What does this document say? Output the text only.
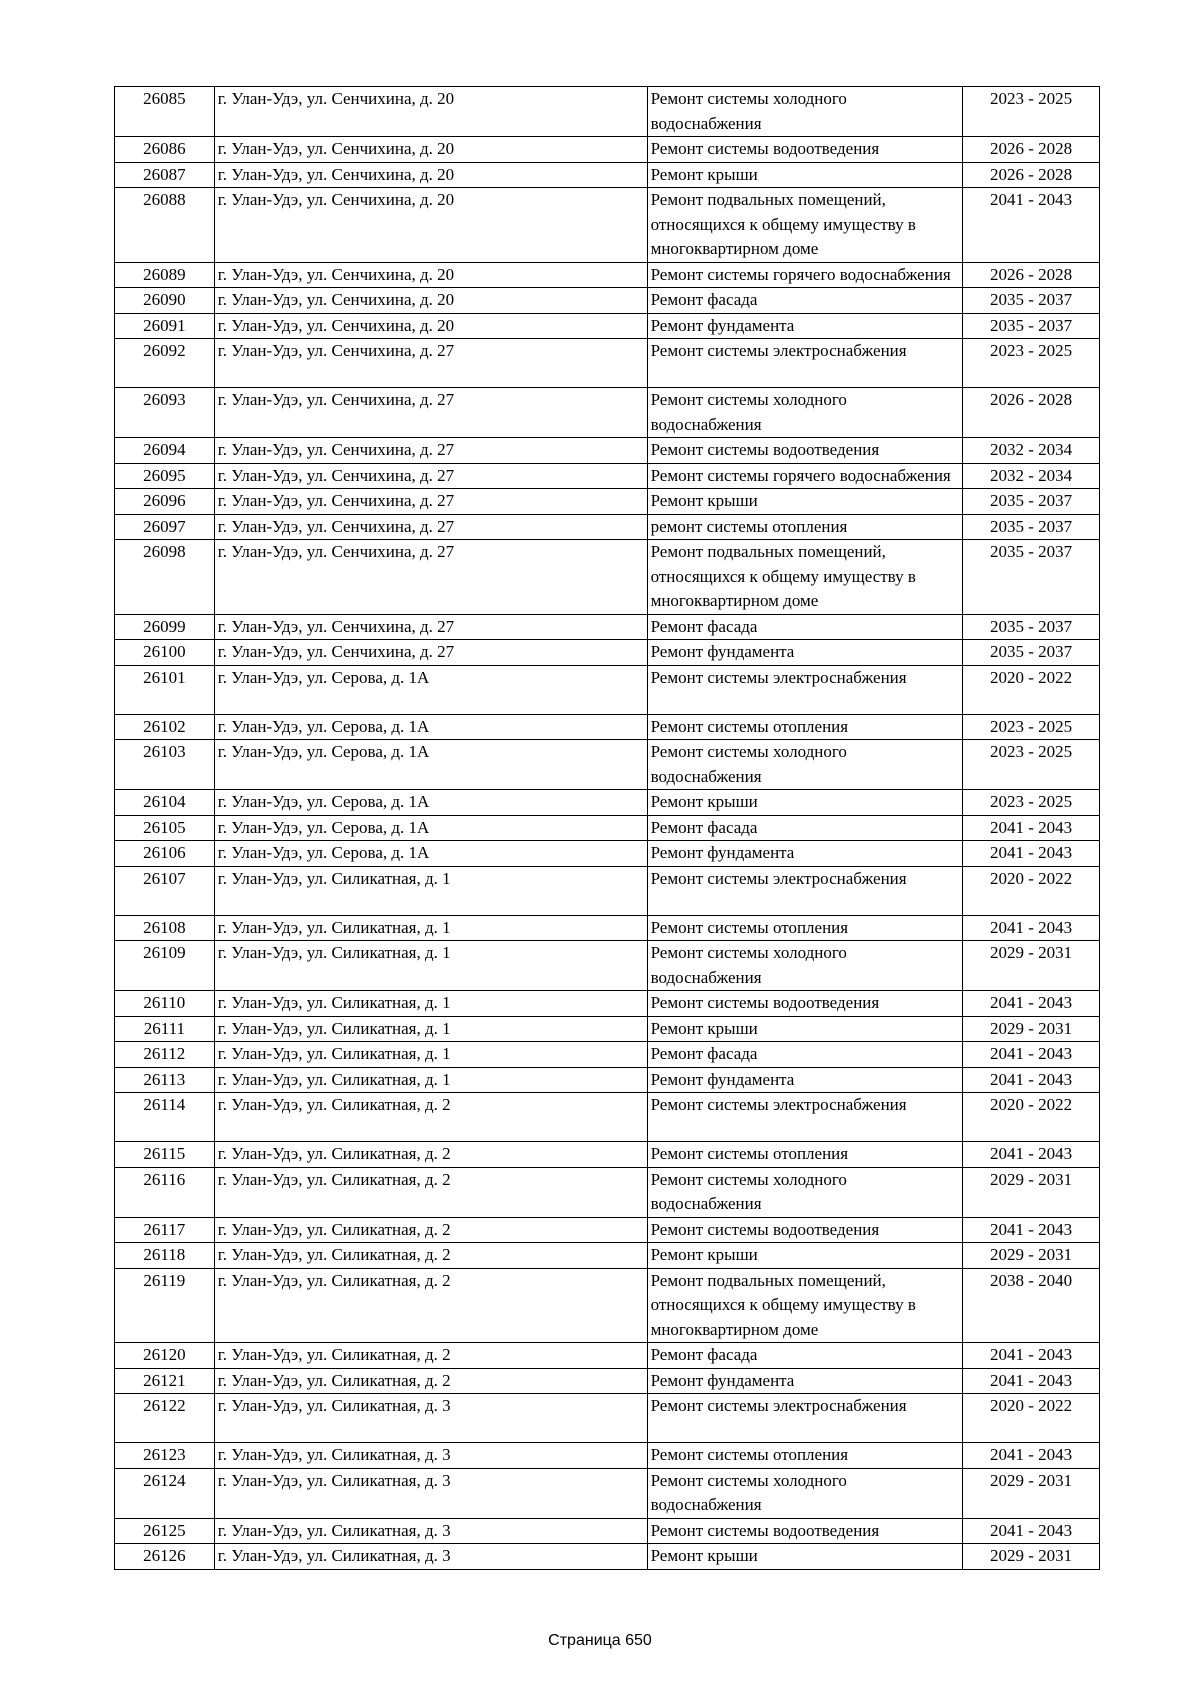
26085	г. Улан-Удэ, ул. Сенчихина, д. 20	Ремонт системы холодного водоснабжения	2023 - 2025
26086	г. Улан-Удэ, ул. Сенчихина, д. 20	Ремонт системы водоотведения	2026 - 2028
26087	г. Улан-Удэ, ул. Сенчихина, д. 20	Ремонт крыши	2026 - 2028
26088	г. Улан-Удэ, ул. Сенчихина, д. 20	Ремонт подвальных помещений, относящихся к общему имуществу в многоквартирном доме	2041 - 2043
26089	г. Улан-Удэ, ул. Сенчихина, д. 20	Ремонт системы горячего водоснабжения	2026 - 2028
26090	г. Улан-Удэ, ул. Сенчихина, д. 20	Ремонт фасада	2035 - 2037
26091	г. Улан-Удэ, ул. Сенчихина, д. 20	Ремонт фундамента	2035 - 2037
26092	г. Улан-Удэ, ул. Сенчихина, д. 27	Ремонт системы электроснабжения	2023 - 2025
26093	г. Улан-Удэ, ул. Сенчихина, д. 27	Ремонт системы холодного водоснабжения	2026 - 2028
26094	г. Улан-Удэ, ул. Сенчихина, д. 27	Ремонт системы водоотведения	2032 - 2034
26095	г. Улан-Удэ, ул. Сенчихина, д. 27	Ремонт системы горячего водоснабжения	2032 - 2034
26096	г. Улан-Удэ, ул. Сенчихина, д. 27	Ремонт крыши	2035 - 2037
26097	г. Улан-Удэ, ул. Сенчихина, д. 27	ремонт системы отопления	2035 - 2037
26098	г. Улан-Удэ, ул. Сенчихина, д. 27	Ремонт подвальных помещений, относящихся к общему имуществу в многоквартирном доме	2035 - 2037
26099	г. Улан-Удэ, ул. Сенчихина, д. 27	Ремонт фасада	2035 - 2037
26100	г. Улан-Удэ, ул. Сенчихина, д. 27	Ремонт фундамента	2035 - 2037
26101	г. Улан-Удэ, ул. Серова, д. 1А	Ремонт системы электроснабжения	2020 - 2022
26102	г. Улан-Удэ, ул. Серова, д. 1А	Ремонт системы отопления	2023 - 2025
26103	г. Улан-Удэ, ул. Серова, д. 1А	Ремонт системы холодного водоснабжения	2023 - 2025
26104	г. Улан-Удэ, ул. Серова, д. 1А	Ремонт крыши	2023 - 2025
26105	г. Улан-Удэ, ул. Серова, д. 1А	Ремонт фасада	2041 - 2043
26106	г. Улан-Удэ, ул. Серова, д. 1А	Ремонт фундамента	2041 - 2043
26107	г. Улан-Удэ, ул. Силикатная, д. 1	Ремонт системы электроснабжения	2020 - 2022
26108	г. Улан-Удэ, ул. Силикатная, д. 1	Ремонт системы отопления	2041 - 2043
26109	г. Улан-Удэ, ул. Силикатная, д. 1	Ремонт системы холодного водоснабжения	2029 - 2031
26110	г. Улан-Удэ, ул. Силикатная, д. 1	Ремонт системы водоотведения	2041 - 2043
26111	г. Улан-Удэ, ул. Силикатная, д. 1	Ремонт крыши	2029 - 2031
26112	г. Улан-Удэ, ул. Силикатная, д. 1	Ремонт фасада	2041 - 2043
26113	г. Улан-Удэ, ул. Силикатная, д. 1	Ремонт фундамента	2041 - 2043
26114	г. Улан-Удэ, ул. Силикатная, д. 2	Ремонт системы электроснабжения	2020 - 2022
26115	г. Улан-Удэ, ул. Силикатная, д. 2	Ремонт системы отопления	2041 - 2043
26116	г. Улан-Удэ, ул. Силикатная, д. 2	Ремонт системы холодного водоснабжения	2029 - 2031
26117	г. Улан-Удэ, ул. Силикатная, д. 2	Ремонт системы водоотведения	2041 - 2043
26118	г. Улан-Удэ, ул. Силикатная, д. 2	Ремонт крыши	2029 - 2031
26119	г. Улан-Удэ, ул. Силикатная, д. 2	Ремонт подвальных помещений, относящихся к общему имуществу в многоквартирном доме	2038 - 2040
26120	г. Улан-Удэ, ул. Силикатная, д. 2	Ремонт фасада	2041 - 2043
26121	г. Улан-Удэ, ул. Силикатная, д. 2	Ремонт фундамента	2041 - 2043
26122	г. Улан-Удэ, ул. Силикатная, д. 3	Ремонт системы электроснабжения	2020 - 2022
26123	г. Улан-Удэ, ул. Силикатная, д. 3	Ремонт системы отопления	2041 - 2043
26124	г. Улан-Удэ, ул. Силикатная, д. 3	Ремонт системы холодного водоснабжения	2029 - 2031
26125	г. Улан-Удэ, ул. Силикатная, д. 3	Ремонт системы водоотведения	2041 - 2043
26126	г. Улан-Удэ, ул. Силикатная, д. 3	Ремонт крыши	2029 - 2031
Страница 650
